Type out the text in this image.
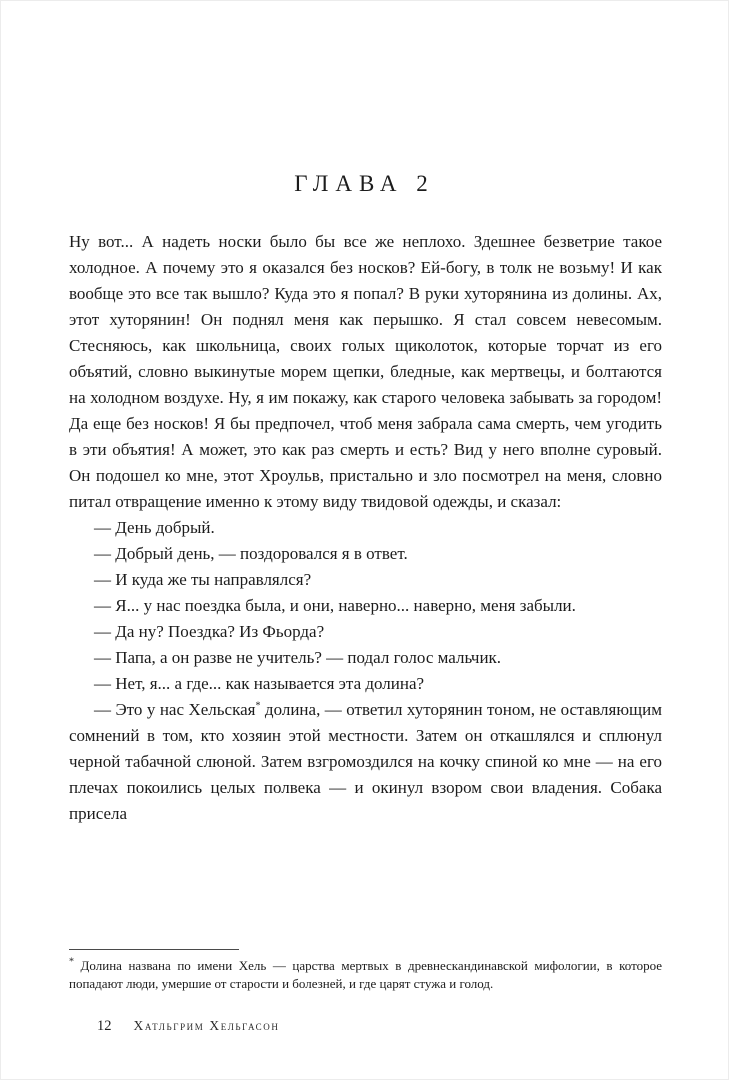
ГЛАВА 2

Ну вот... А надеть носки было бы все же неплохо. Здешнее безветрие такое холодное. А почему это я оказался без носков? Ей-богу, в толк не возьму! И как вообще это все так вышло? Куда это я попал? В руки хуторянина из долины. Ах, этот хуторянин! Он поднял меня как перышко. Я стал совсем невесомым. Стесняюсь, как школьница, своих голых щиколоток, которые торчат из его объятий, словно выкинутые морем щепки, бледные, как мертвецы, и болтаются на холодном воздухе. Ну, я им покажу, как старого человека забывать за городом! Да еще без носков! Я бы предпочел, чтоб меня забрала сама смерть, чем угодить в эти объятия! А может, это как раз смерть и есть? Вид у него вполне суровый. Он подошел ко мне, этот Хроульв, пристально и зло посмотрел на меня, словно питал отвращение именно к этому виду твидовой одежды, и сказал:

— День добрый.

— Добрый день, — поздоровался я в ответ.

— И куда же ты направлялся?

— Я... у нас поездка была, и они, наверно... наверно, меня забыли.

— Да ну? Поездка? Из Фьорда?

— Папа, а он разве не учитель? — подал голос мальчик.

— Нет, я... а где... как называется эта долина?

— Это у нас Хельская* долина, — ответил хуторянин тоном, не оставляющим сомнений в том, кто хозяин этой местности. Затем он откашлялся и сплюнул черной табачной слюной. Затем взгромоздился на кочку спиной ко мне — на его плечах покоились целых полвека — и окинул взором свои владения. Собака присела

* Долина названа по имени Хель — царства мертвых в древнескандинавской мифологии, в которое попадают люди, умершие от старости и болезней, и где царят стужа и голод.

12 Хатльгрим Хельгасон
